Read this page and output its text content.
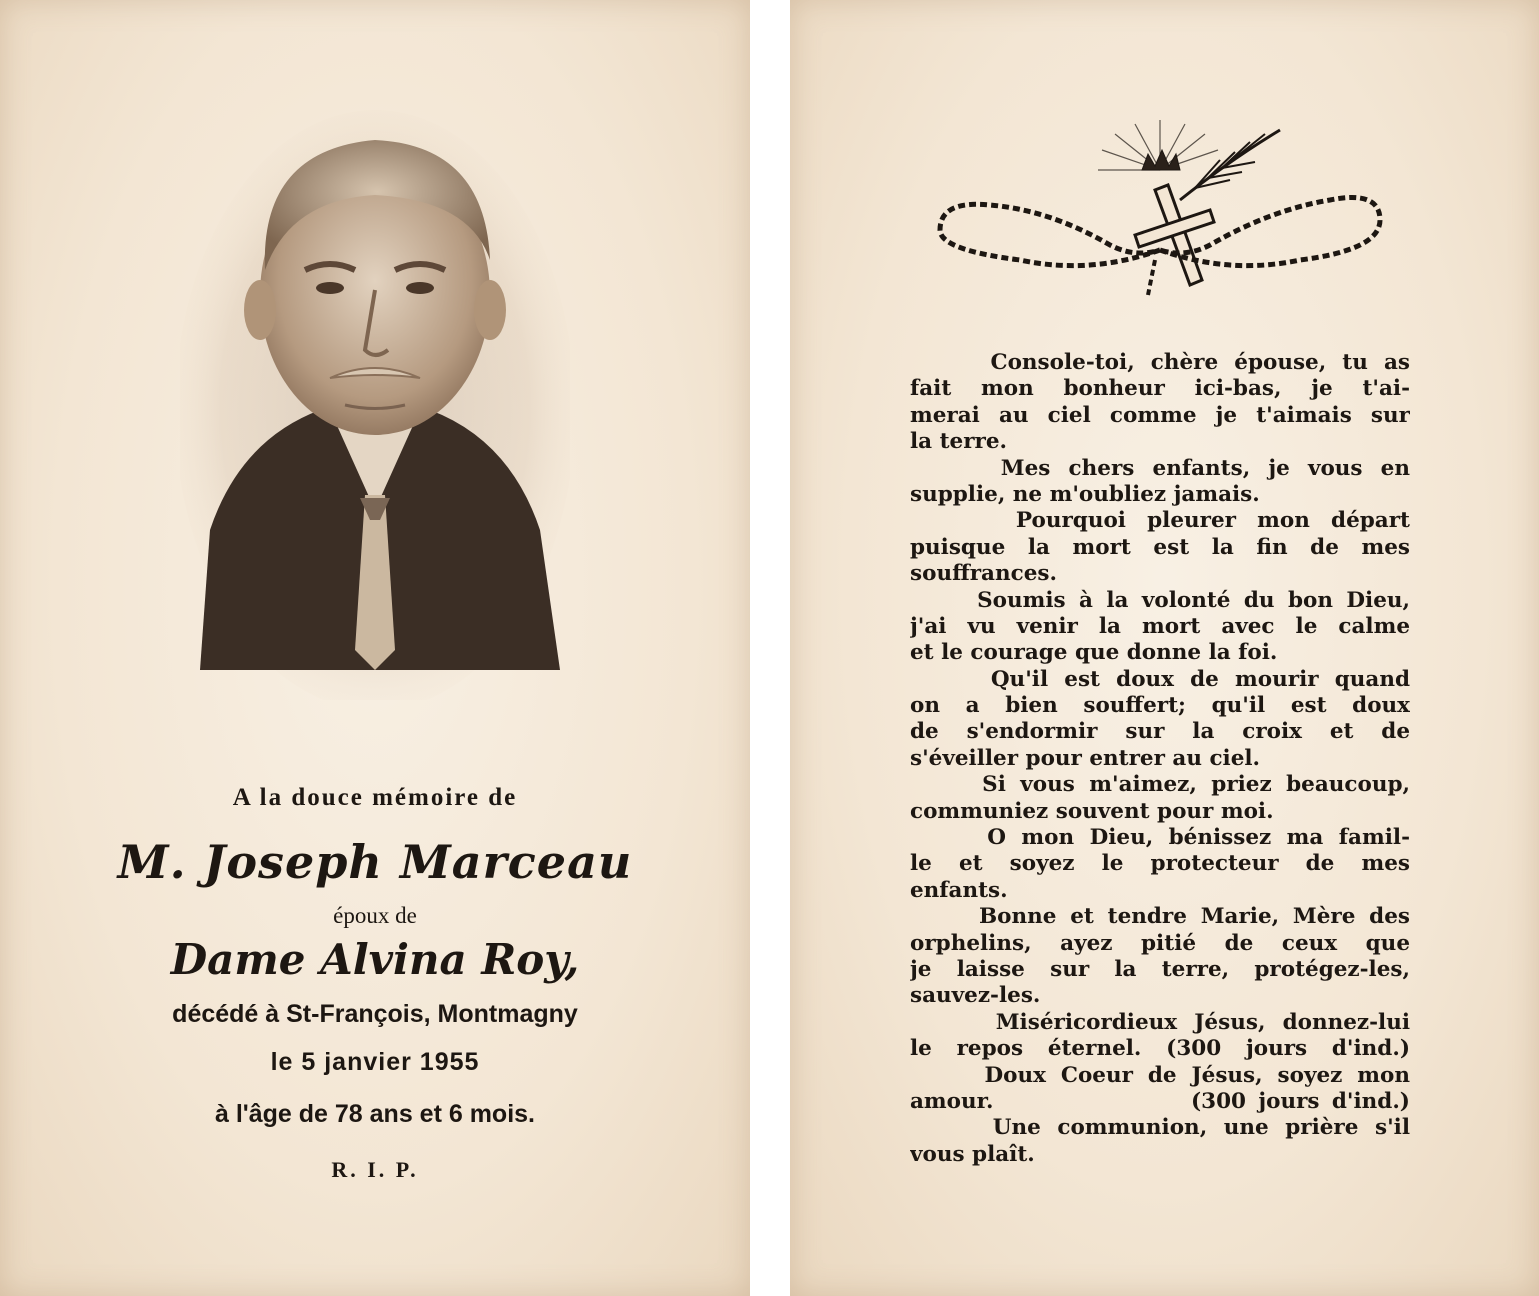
A la douce mémoire de
M. Joseph Marceau
époux de
Dame Alvina Roy,
décédé à St-François, Montmagny
le 5 janvier 1955
à l'âge de 78 ans et 6 mois.
R. I. P.
Console-toi, chère épouse, tu as
fait mon bonheur ici-bas, je t'ai-
merai au ciel comme je t'aimais sur
la terre.
Mes chers enfants, je vous en
supplie, ne m'oubliez jamais.
Pourquoi pleurer mon départ
puisque la mort est la fin de mes
souffrances.
Soumis à la volonté du bon Dieu,
j'ai vu venir la mort avec le calme
et le courage que donne la foi.
Qu'il est doux de mourir quand
on a bien souffert; qu'il est doux
de s'endormir sur la croix et de
s'éveiller pour entrer au ciel.
Si vous m'aimez, priez beaucoup,
communiez souvent pour moi.
O mon Dieu, bénissez ma famil-
le et soyez le protecteur de mes
enfants.
Bonne et tendre Marie, Mère des
orphelins, ayez pitié de ceux que
je laisse sur la terre, protégez-les,
sauvez-les.
Miséricordieux Jésus, donnez-lui
le repos éternel. (300 jours d'ind.)
Doux Coeur de Jésus, soyez mon
amour.                (300 jours d'ind.)
Une communion, une prière s'il
vous plaît.
